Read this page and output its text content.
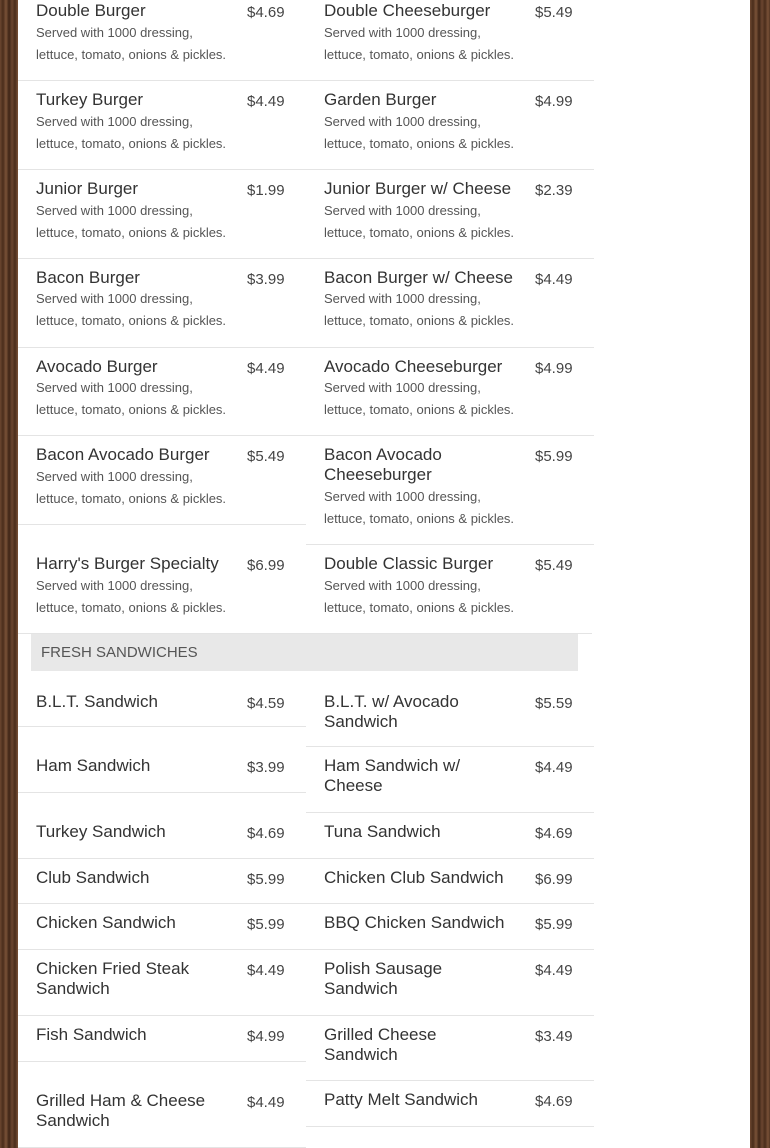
Double Burger	$4.69
Served with 1000 dressing, lettuce, tomato, onions & pickles.
Turkey Burger	$4.49
Served with 1000 dressing, lettuce, tomato, onions & pickles.
Junior Burger	$1.99
Served with 1000 dressing, lettuce, tomato, onions & pickles.
Bacon Burger	$3.99
Served with 1000 dressing, lettuce, tomato, onions & pickles.
Avocado Burger	$4.49
Served with 1000 dressing, lettuce, tomato, onions & pickles.
Bacon Avocado Burger	$5.49
Served with 1000 dressing, lettuce, tomato, onions & pickles.
Harry's Burger Specialty	$6.99
Served with 1000 dressing, lettuce, tomato, onions & pickles.
Double Cheeseburger	$5.49
Served with 1000 dressing, lettuce, tomato, onions & pickles.
Garden Burger	$4.99
Served with 1000 dressing, lettuce, tomato, onions & pickles.
Junior Burger w/ Cheese	$2.39
Served with 1000 dressing, lettuce, tomato, onions & pickles.
Bacon Burger w/ Cheese	$4.49
Served with 1000 dressing, lettuce, tomato, onions & pickles.
Avocado Cheeseburger	$4.99
Served with 1000 dressing, lettuce, tomato, onions & pickles.
Bacon Avocado Cheeseburger
$5.99
Served with 1000 dressing, lettuce, tomato, onions & pickles.
Double Classic Burger	$5.49
Served with 1000 dressing, lettuce, tomato, onions & pickles.
FRESH SANDWICHES
B.L.T. Sandwich	$4.59
Ham Sandwich	$3.99
Turkey Sandwich	$4.69
Club Sandwich	$5.99
Chicken Sandwich	$5.99
Chicken Fried Steak Sandwich
$4.49
Fish Sandwich	$4.99
Grilled Ham & Cheese Sandwich
$4.49
B.L.T. w/ Avocado Sandwich
$5.59
Ham Sandwich w/ Cheese
$4.49
Tuna Sandwich	$4.69
Chicken Club Sandwich	$6.99
BBQ Chicken Sandwich	$5.99
Polish Sausage Sandwich
$4.49
Grilled Cheese Sandwich
$3.49
Patty Melt Sandwich	$4.69
